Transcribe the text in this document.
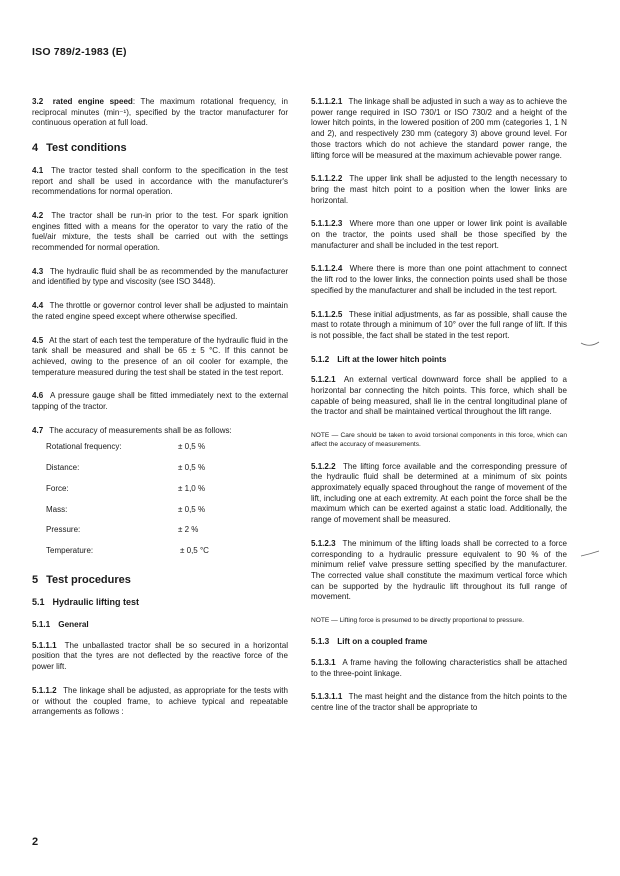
ISO 789/2-1983 (E)

3.2 rated engine speed: The maximum rotational frequency, in reciprocal minutes (min⁻¹), specified by the tractor manufacturer for continuous operation at full load.

4 Test conditions

4.1 The tractor tested shall conform to the specification in the test report and shall be used in accordance with the manufacturer's recommendations for normal operation.

4.2 The tractor shall be run-in prior to the test. For spark ignition engines fitted with a means for the operator to vary the ratio of the fuel/air mixture, the tests shall be carried out with the settings recommended for normal operation.

4.3 The hydraulic fluid shall be as recommended by the manufacturer and identified by type and viscosity (see ISO 3448).

4.4 The throttle or governor control lever shall be adjusted to maintain the rated engine speed except where otherwise specified.

4.5 At the start of each test the temperature of the hydraulic fluid in the tank shall be measured and shall be 65 ± 5 °C. If this cannot be achieved, owing to the presence of an oil cooler for example, the temperature measured during the test shall be stated in the test report.

4.6 A pressure gauge shall be fitted immediately next to the external tapping of the tractor.

4.7 The accuracy of measurements shall be as follows:

Rotational frequency:	± 0,5 %
Distance:	± 0,5 %
Force:	± 1,0 %
Mass:	± 0,5 %
Pressure:	± 2 %
Temperature:	± 0,5 °C
5 Test procedures
5.1 Hydraulic lifting test
5.1.1 General

5.1.1.1 The unballasted tractor shall be so secured in a horizontal position that the tyres are not deflected by the reactive force of the power lift.

5.1.1.2 The linkage shall be adjusted, as appropriate for the tests with or without the coupled frame, to achieve typical and repeatable arrangements as follows :

5.1.1.2.1 The linkage shall be adjusted in such a way as to achieve the power range required in ISO 730/1 or ISO 730/2 and a height of the lower hitch points, in the lowered position of 200 mm (categories 1, 1 N and 2), and respectively 230 mm (category 3) above ground level. For those tractors which do not achieve the standard power range, the lifting force will be measured at the maximum achievable power range.

5.1.1.2.2 The upper link shall be adjusted to the length necessary to bring the mast hitch point to a position when the lower links are horizontal.

5.1.1.2.3 Where more than one upper or lower link point is available on the tractor, the points used shall be those specified by the manufacturer and shall be included in the test report.

5.1.1.2.4 Where there is more than one point attachment to connect the lift rod to the lower links, the connection points used shall be those specified by the manufacturer and shall be included in the test report.

5.1.1.2.5 These initial adjustments, as far as possible, shall cause the mast to rotate through a minimum of 10° over the full range of lift. If this is not possible, the fact shall be stated in the test report.

5.1.2 Lift at the lower hitch points

5.1.2.1 An external vertical downward force shall be applied to a horizontal bar connecting the hitch points. This force, which shall be capable of being measured, shall lie in the central longitudinal plane of the tractor and shall be maintained vertical throughout the lift range.

NOTE — Care should be taken to avoid torsional components in this force, which can affect the accuracy of measurements.

5.1.2.2 The lifting force available and the corresponding pressure of the hydraulic fluid shall be determined at a minimum of six points approximately equally spaced throughout the range of movement of the lift, including one at each extremity. At each point the force shall be the maximum which can be exerted against a static load. Additionally, the range of movement shall be measured.

5.1.2.3 The minimum of the lifting loads shall be corrected to a force corresponding to a hydraulic pressure equivalent to 90 % of the minimum relief valve pressure setting specified by the manufacturer. The corrected value shall constitute the maximum vertical force which can be supported by the hydraulic lift throughout its full range of movement.

NOTE — Lifting force is presumed to be directly proportional to pressure.

5.1.3 Lift on a coupled frame

5.1.3.1 A frame having the following characteristics shall be attached to the three-point linkage.

5.1.3.1.1 The mast height and the distance from the hitch points to the centre line of the tractor shall be appropriate to

2
